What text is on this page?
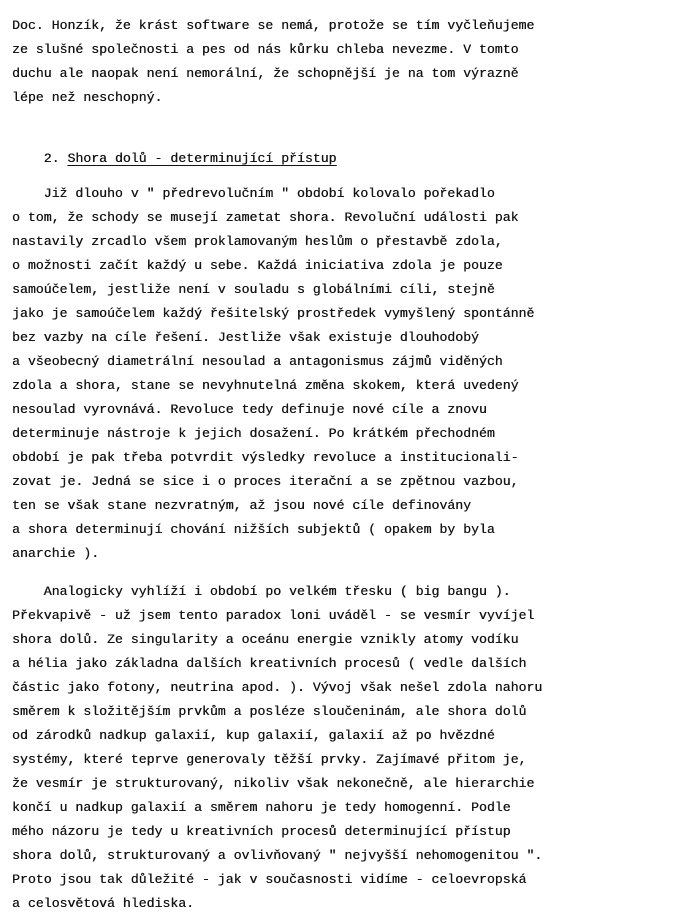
Doc. Honzík, že krást software se nemá, protože se tím vyčleňujeme
ze slušné společnosti a pes od nás kůrku chleba nevezme. V tomto
duchu ale naopak není nemorální, že schopnější je na tom výrazně
lépe než neschopný.

2. Shora dolů - determinující přístup

Již dlouho v " předrevolučním " období kolovalo pořekadlo
o tom, že schody se musejí zametat shora. Revoluční události pak
nastavily zrcadlo všem proklamovaným heslům o přestavbě zdola,
o možnosti začít každý u sebe. Každá iniciativa zdola je pouze
samoúčelem, jestliže není v souladu s globálními cíli, stejně
jako je samoúčelem každý řešitelský prostředek vymyšlený spontánně
bez vazby na cíle řešení. Jestliže však existuje dlouhodobý
a všeobecný diametrální nesoulad a antagonismus zájmů viděných
zdola a shora, stane se nevyhnutelná změna skokem, která uvedený
nesoulad vyrovnává. Revoluce tedy definuje nové cíle a znovu
determinuje nástroje k jejich dosažení. Po krátkém přechodném
období je pak třeba potvrdit výsledky revoluce a institucionali-
zovat je. Jedná se sice i o proces iterační a se zpětnou vazbou,
ten se však stane nezvratným, až jsou nové cíle definovány
a shora determinují chování nižších subjektů ( opakem by byla
anarchie ).
Analogicky vyhlíží i období po velkém třesku ( big bangu ).
Překvapivě - už jsem tento paradox loni uváděl - se vesmír vyvíjel
shora dolů. Ze singularity a oceánu energie vznikly atomy vodíku
a hélia jako základna dalších kreativních procesů ( vedle dalších
částic jako fotony, neutrina apod. ). Vývoj však nešel zdola nahoru
směrem k složitějším prvkům a posléze sloučeninám, ale shora dolů
od zárodků nadkup galaxií, kup galaxií, galaxií až po hvězdné
systémy, které teprve generovaly těžší prvky. Zajímavé přitom je,
že vesmír je strukturovaný, nikoliv však nekonečně, ale hierarchie
končí u nadkup galaxií a směrem nahoru je tedy homogenní. Podle
mého názoru je tedy u kreativních procesů determinující přístup
shora dolů, strukturovaný a ovlivňovaný " nejvyšší nehomogenitou ".
Proto jsou tak důležité - jak v současnosti vidíme - celoevropská
a celosvětová hlediska.
